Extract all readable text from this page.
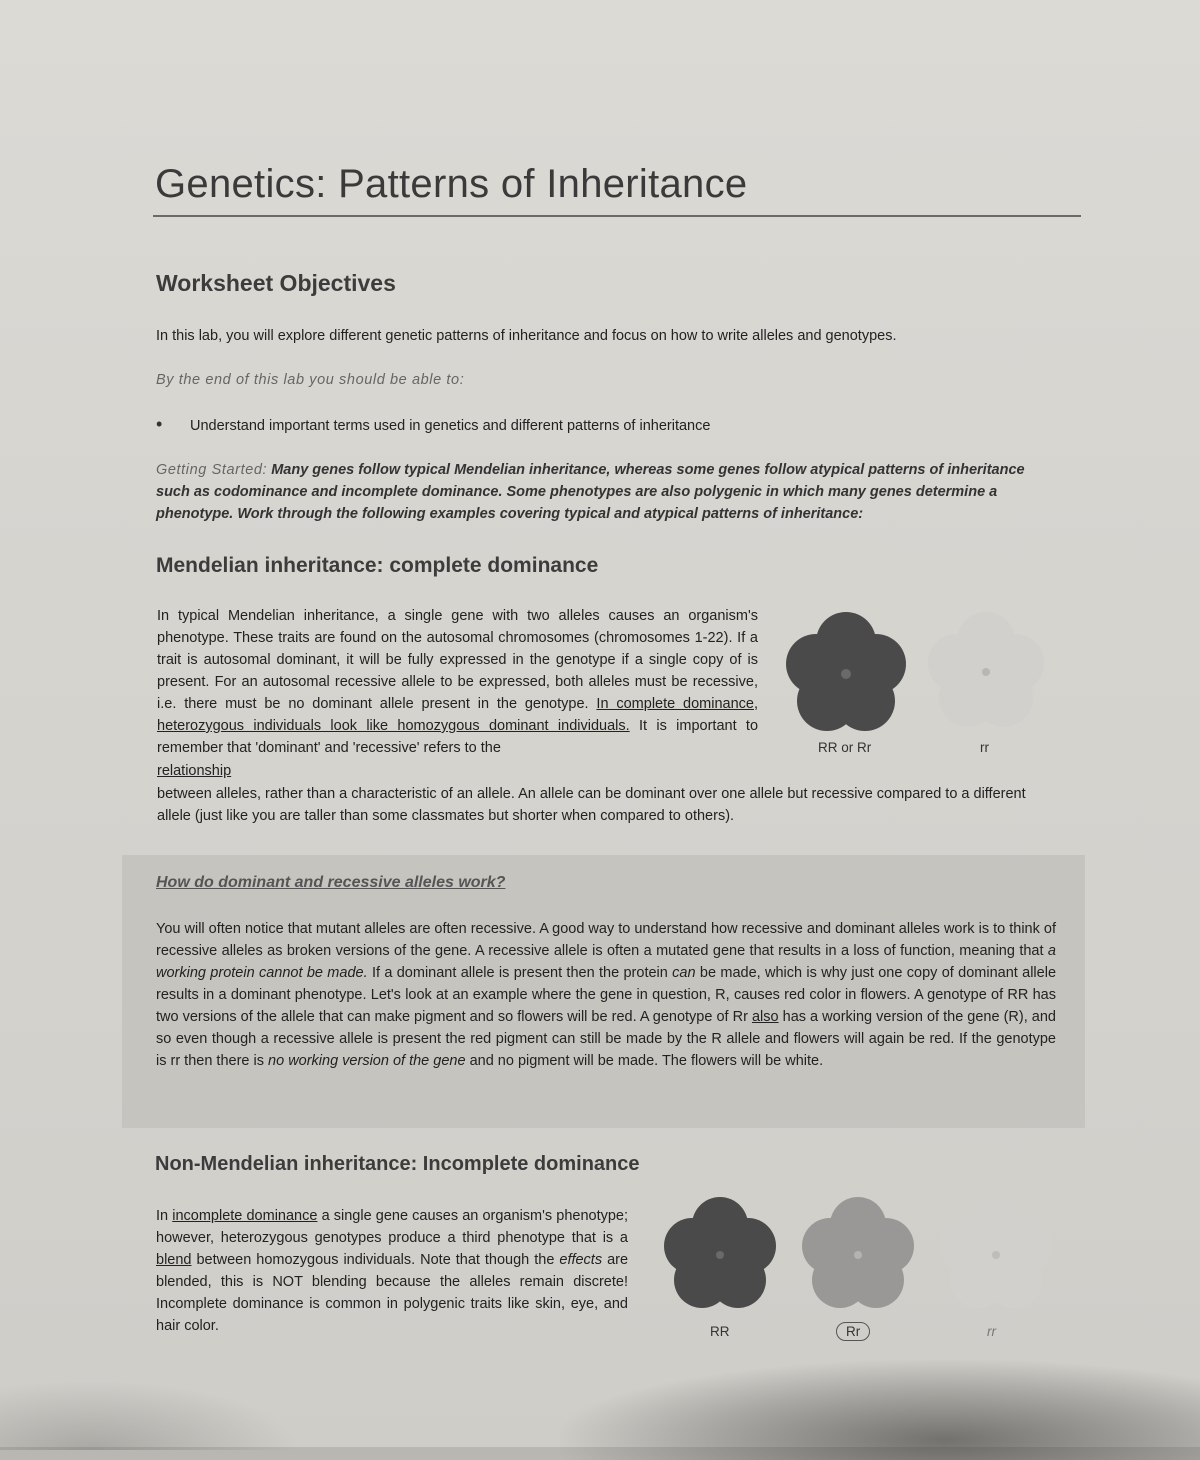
Genetics: Patterns of Inheritance
Worksheet Objectives

In this lab, you will explore different genetic patterns of inheritance and focus on how to write alleles and genotypes.

By the end of this lab you should be able to:

• Understand important terms used in genetics and different patterns of inheritance

Getting Started: Many genes follow typical Mendelian inheritance, whereas some genes follow atypical patterns of inheritance such as codominance and incomplete dominance. Some phenotypes are also polygenic in which many genes determine a phenotype. Work through the following examples covering typical and atypical patterns of inheritance:

Mendelian inheritance: complete dominance

In typical Mendelian inheritance, a single gene with two alleles causes an organism's phenotype. These traits are found on the autosomal chromosomes (chromosomes 1-22). If a trait is autosomal dominant, it will be fully expressed in the genotype if a single copy of is present. For an autosomal recessive allele to be expressed, both alleles must be recessive, i.e. there must be no dominant allele present in the genotype. In complete dominance, heterozygous individuals look like homozygous dominant individuals. It is important to remember that 'dominant' and 'recessive' refers to the

relationship

between alleles, rather than a characteristic of an allele. An allele can be dominant over one allele but recessive compared to a different allele (just like you are taller than some classmates but shorter when compared to others).

RR or Rr	rr

How do dominant and recessive alleles work?

You will often notice that mutant alleles are often recessive. A good way to understand how recessive and dominant alleles work is to think of recessive alleles as broken versions of the gene. A recessive allele is often a mutated gene that results in a loss of function, meaning that a working protein cannot be made. If a dominant allele is present then the protein can be made, which is why just one copy of dominant allele results in a dominant phenotype. Let's look at an example where the gene in question, R, causes red color in flowers. A genotype of RR has two versions of the allele that can make pigment and so flowers will be red. A genotype of Rr also has a working version of the gene (R), and so even though a recessive allele is present the red pigment can still be made by the R allele and flowers will again be red. If the genotype is rr then there is no working version of the gene and no pigment will be made. The flowers will be white.

Non-Mendelian inheritance: Incomplete dominance

In incomplete dominance a single gene causes an organism's phenotype; however, heterozygous genotypes produce a third phenotype that is a blend between homozygous individuals. Note that though the effects are blended, this is NOT blending because the alleles remain discrete! Incomplete dominance is common in polygenic traits like skin, eye, and hair color.	RR	Rr	rr
